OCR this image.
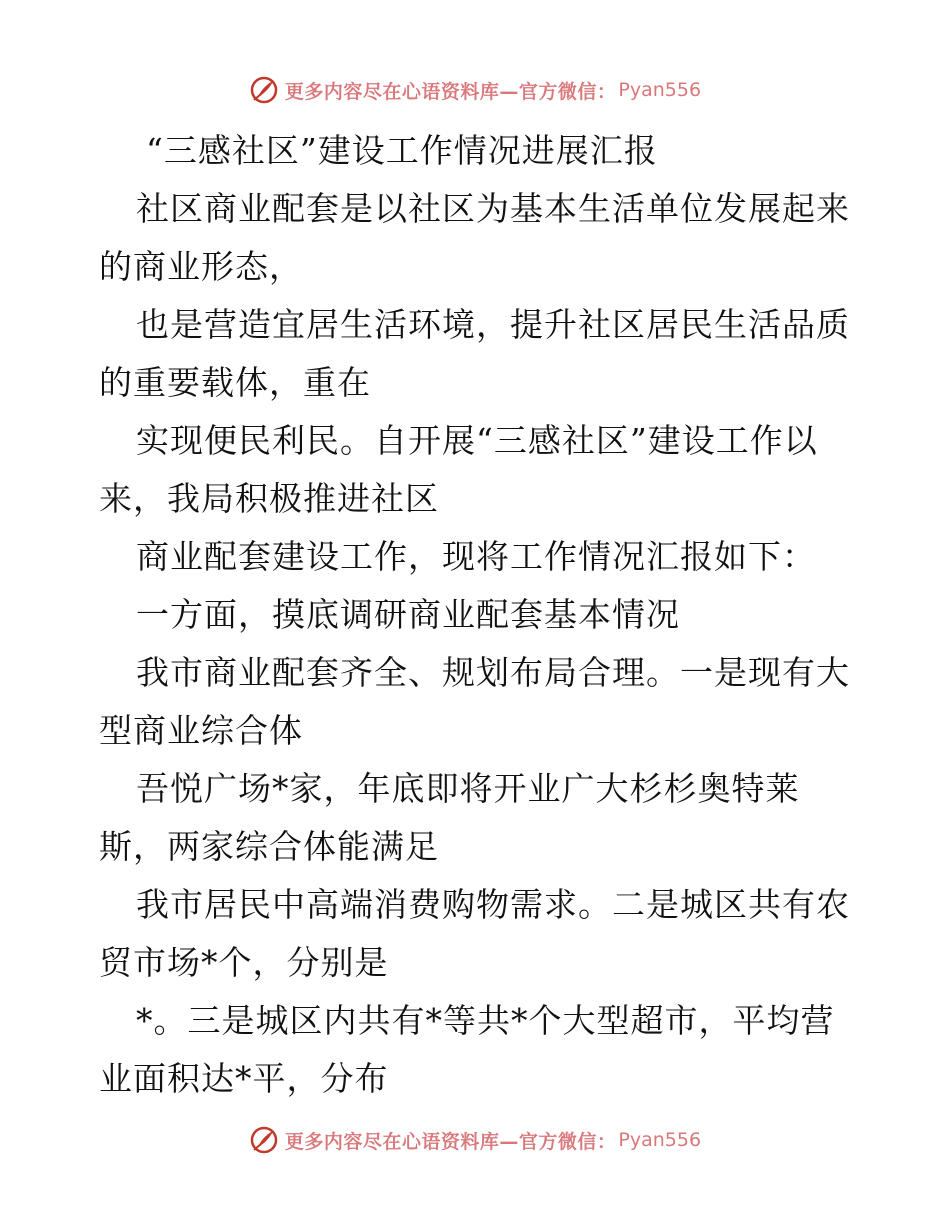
更多内容尽在心语资料库—官方微信： Pyan556
“三感社区”建设工作情况进展汇报
社区商业配套是以社区为基本生活单位发展起来
的商业形态，
也是营造宜居生活环境，提升社区居民生活品质
的重要载体，重在
实现便民利民。自开展“三感社区”建设工作以
来，我局积极推进社区
商业配套建设工作，现将工作情况汇报如下：
一方面，摸底调研商业配套基本情况
我市商业配套齐全、规划布局合理。一是现有大
型商业综合体
吾悦广场*家，年底即将开业广大杉杉奥特莱
斯，两家综合体能满足
我市居民中高端消费购物需求。二是城区共有农
贸市场*个，分别是
*。三是城区内共有*等共*个大型超市，平均营
业面积达*平，分布
更多内容尽在心语资料库—官方微信： Pyan556
